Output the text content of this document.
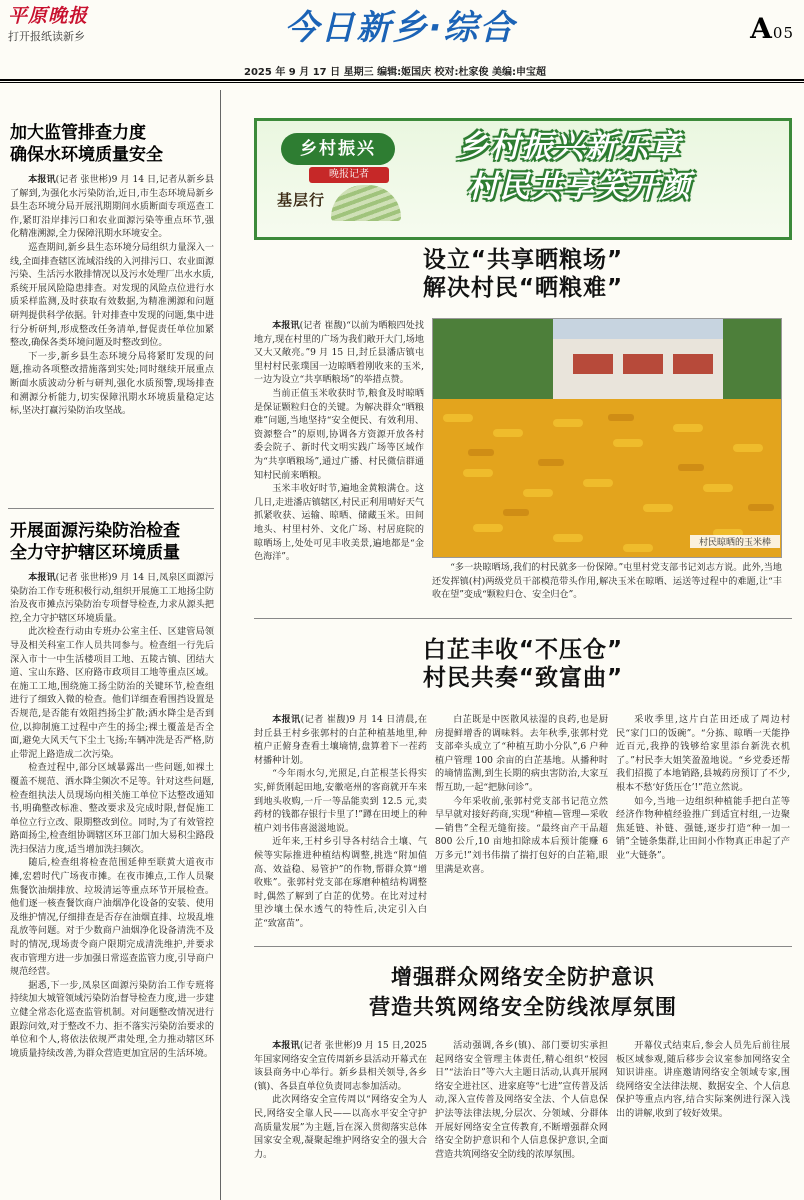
平原晚报
打开报纸读新乡	今日新乡·综合	A05
2025 年 9 月 17 日 星期三 编辑:姬国庆 校对:杜家俊 美编:申宝超
加大监管排查力度
确保水环境质量安全

本报讯(记者 张世彬)9 月 14 日,记者从新乡县了解到,为强化水污染防治,近日,市生态环境局新乡县生态环境分局开展汛期期间水质断面专项巡查工作,紧盯沿岸排污口和农业面源污染等重点环节,强化精准溯源,全力保障汛期水环境安全。

巡查期间,新乡县生态环境分局组织力量深入一线,全面排查辖区流域沿线的入河排污口、农业面源污染、生活污水散排情况以及污水处理厂出水水质,系统开展风险隐患排查。对发现的风险点位进行水质采样监测,及时获取有效数据,为精准溯源和问题研判提供科学依据。针对排查中发现的问题,集中进行分析研判,形成整改任务清单,督促责任单位加紧整改,确保各类环境问题及时整改到位。

下一步,新乡县生态环境分局将紧盯发现的问题,推动各项整改措施落到实处;同时继续开展重点断面水质波动分析与研判,强化水质预警,现场排查和溯源分析能力,切实保障汛期水环境质量稳定达标,坚决打赢污染防治攻坚战。

开展面源污染防治检查
全力守护辖区环境质量

本报讯(记者 张世彬)9 月 14 日,凤泉区面源污染防治工作专班积极行动,组织开展施工工地扬尘防治及夜市摊点污染防治专项督导检查,力求从源头把控,全力守护辖区环境质量。

此次检查行动由专班办公室主任、区建管局领导及相关科室工作人员共同参与。检查组一行先后深入市十一中生活楼项目工地、五陵古镇、团结大道、宝山东路、区府路市政项目工地等重点区域。在施工工地,围绕施工扬尘防治的关键环节,检查组进行了细致入微的检查。他们详细查看围挡设置是否规范,是否能有效阻挡扬尘扩散;洒水降尘是否到位,以抑制施工过程中产生的扬尘;裸土覆盖是否全面,避免大风天气下尘土飞扬;车辆冲洗是否严格,防止带泥上路造成二次污染。

检查过程中,部分区域暴露出一些问题,如裸土覆盖不规范、洒水降尘频次不足等。针对这些问题,检查组执法人员现场向相关施工单位下达整改通知书,明确整改标准、整改要求及完成时限,督促施工单位立行立改、限期整改到位。同时,为了有效管控路面扬尘,检查组协调辖区环卫部门加大易积尘路段洗扫保洁力度,适当增加洗扫频次。

随后,检查组将检查范围延伸至联黄大道夜市摊,宏碧时代广场夜市摊。在夜市摊点,工作人员聚焦餐饮油烟排放、垃圾清运等重点环节开展检查。他们逐一核查餐饮商户油烟净化设备的安装、使用及维护情况,仔细排查是否存在油烟直排、垃圾乱堆乱放等问题。对于少数商户油烟净化设备清洗不及时的情况,现场责令商户限期完成清洗维护,并要求夜市管理方进一步加强日常巡查监管力度,引导商户规范经营。

据悉,下一步,凤泉区面源污染防治工作专班将持续加大城管领域污染防治督导检查力度,进一步建立健全常态化巡查监管机制。对问题整改情况进行跟踪问效,对于整改不力、拒不落实污染防治要求的单位和个人,将依法依规严肃处理,全力推动辖区环境质量持续改善,为群众营造更加宜居的生活环境。

乡村振兴
晚报记者
基层行
乡村振兴新乐章
村民共享笑开颜
设立“共享晒粮场”
解决村民“晒粮难”

本报讯(记者 崔馥)“以前为晒粮四处找地方,现在村里的广场为我们敞开大门,场地又大又敞亮。”9 月 15 日,封丘县潘店镇屯里村村民张璞国一边晾晒着刚收来的玉米,一边为设立“共享晒粮场”的举措点赞。

当前正值玉米收获时节,粮食及时晾晒是保证颗粒归仓的关键。为解决群众“晒粮难”问题,当地坚持“安全便民、有效利用、资源整合”的原则,协调各方资源开放各村委会院子、新时代文明实践广场等区域作为“共享晒粮场”,通过广播、村民微信群通知村民前来晒粮。

玉米丰收好时节,遍地金黄粮满仓。这几日,走进潘店镇辖区,村民正利用晴好天气抓紧收获、运输、晾晒、储藏玉米。田间地头、村里村外、文化广场、村居庭院的晾晒场上,处处可见丰收美景,遍地都是“金色海洋”。

“多一块晾晒场,我们的村民就多一份保障。”屯里村党支部书记刘志方说。此外,当地还发挥镇(村)两级党员干部模范带头作用,解决玉米在晾晒、运送等过程中的难题,让“丰收在望”变成“颗粒归仓、安全归仓”。

村民晾晒的玉米棒
白芷丰收“不压仓”
村民共奏“致富曲”

本报讯(记者 崔馥)9 月 14 日清晨,在封丘县王村乡张郭村的白芷种植基地里,种植户正俯身查看土壤墒情,盘算着下一茬药材播种计划。

“今年雨水匀,光照足,白芷根茎长得实实,鲜货刚起田地,安徽亳州的客商就开车来到地头收购,一斤一等品能卖到 12.5 元,卖药材的钱都存银行卡里了!”蹲在田埂上的种植户刘书伟喜滋滋地说。

近年来,王村乡引导各村结合土壤、气候等实际推进种植结构调整,挑选“附加值高、效益稳、易管护”的作物,帮群众算“增收账”。张郭村党支部在琢磨种植结构调整时,偶然了解到了白芷的优势。在比对过村里沙壤土保水透气的特性后,决定引入白芷“致富苗”。

白芷既是中医散风祛湿的良药,也是厨房提鲜增香的调味料。去年秋季,张郭村党支部牵头成立了“种植互助小分队”,6 户种植户管理 100 余亩的白芷基地。从播种时的墒情监测,到生长期的病虫害防治,大家互帮互助,一起“把脉问诊”。

今年采收前,张郭村党支部书记范立然早早就对接好药商,实现“种植—管理—采收—销售”全程无缝衔接。“最终亩产干品超 800 公斤,10 亩地扣除成本后预计能赚 6 万多元!”刘书伟揣了揣打包好的白芷箱,眼里满是欢喜。

采收季里,这片白芷田还成了周边村民“家门口的饭碗”。“分拣、晾晒一天能挣近百元,我挣的钱够给家里添台新洗衣机了。”村民李大姐笑盈盈地说。“乡党委还帮我们招揽了本地销路,县城药房预订了不少,根本不愁‘好货压仓’!”范立然说。

如今,当地一边组织种植能手把白芷等经济作物种植经验推广到适宜村组,一边聚焦延链、补链、强链,逐步打造“种一加一销”全链条集群,让田间小作物真正串起了产业“大链条”。

增强群众网络安全防护意识
营造共筑网络安全防线浓厚氛围

本报讯(记者 张世彬)9 月 15 日,2025 年国家网络安全宣传周新乡县活动开幕式在该县商务中心举行。新乡县相关领导,各乡(镇)、各县直单位负责同志参加活动。

此次网络安全宣传周以“网络安全为人民,网络安全靠人民——以高水平安全守护高质量发展”为主题,旨在深入贯彻落实总体国家安全观,凝聚起维护网络安全的强大合力。

活动强调,各乡(镇)、部门要切实承担起网络安全管理主体责任,精心组织“校园日”“法治日”等六大主题日活动,认真开展网络安全进社区、进家庭等“七进”宣传普及活动,深入宣传普及网络安全法、个人信息保护法等法律法规,分层次、分领域、分群体开展好网络安全宣传教育,不断增强群众网络安全防护意识和个人信息保护意识,全面营造共筑网络安全防线的浓厚氛围。

开幕仪式结束后,参会人员先后前往展板区域参观,随后移步会议室参加网络安全知识讲座。讲座邀请网络安全领域专家,围绕网络安全法律法规、数据安全、个人信息保护等重点内容,结合实际案例进行深入浅出的讲解,收到了较好效果。
